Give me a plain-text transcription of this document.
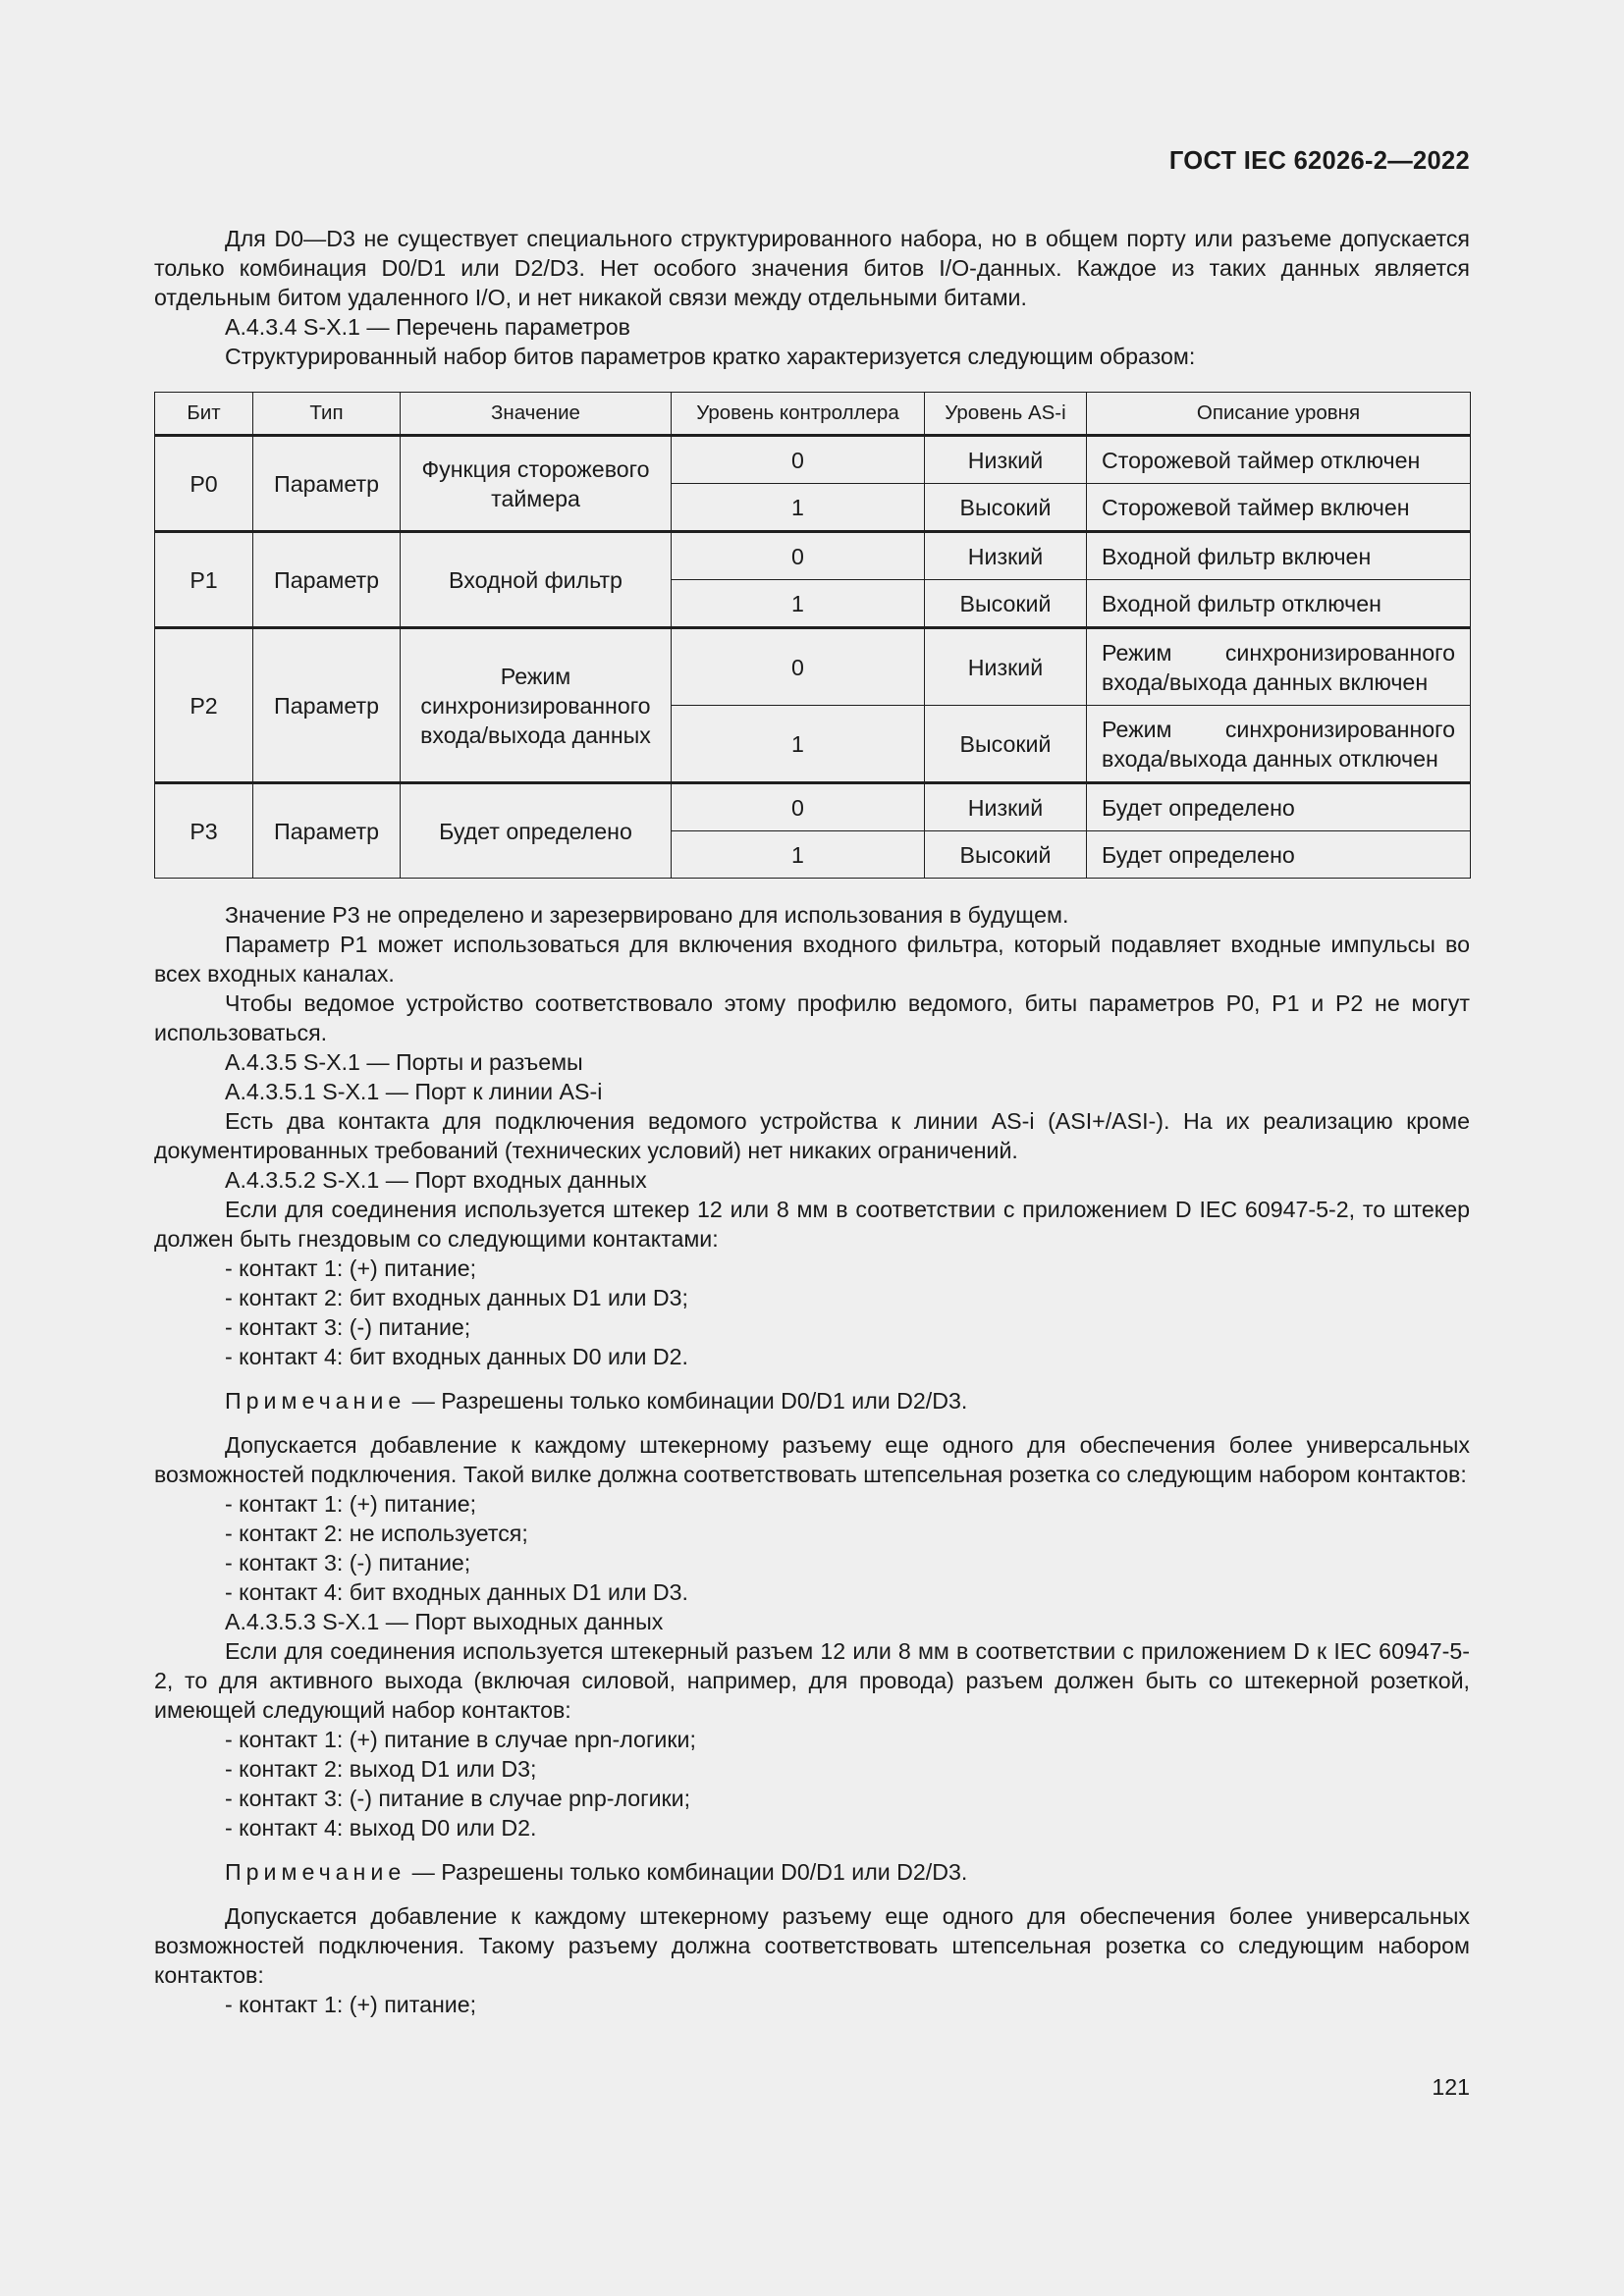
ГОСТ IEC 62026-2—2022

Для D0—D3 не существует специального структурированного набора, но в общем порту или разъеме допускается только комбинация D0/D1 или D2/D3. Нет особого значения битов I/O-данных. Каждое из таких данных является отдельным битом удаленного I/O, и нет никакой связи между отдельными битами.

А.4.3.4 S-X.1 — Перечень параметров

Структурированный набор битов параметров кратко характеризуется следующим образом:

Бит	Тип	Значение	Уровень контроллера	Уровень AS-i	Описание уровня
P0	Параметр	Функция сторожевого таймера	0	Низкий	Сторожевой таймер отключен
			1	Высокий	Сторожевой таймер включен
P1	Параметр	Входной фильтр	0	Низкий	Входной фильтр включен
			1	Высокий	Входной фильтр отключен
P2	Параметр	Режим синхронизированного входа/выхода данных	0	Низкий	Режим синхронизированного входа/выхода данных включен
			1	Высокий	Режим синхронизированного входа/выхода данных отключен
P3	Параметр	Будет определено	0	Низкий	Будет определено
			1	Высокий	Будет определено

Значение Р3 не определено и зарезервировано для использования в будущем.

Параметр Р1 может использоваться для включения входного фильтра, который подавляет входные импульсы во всех входных каналах.

Чтобы ведомое устройство соответствовало этому профилю ведомого, биты параметров Р0, Р1 и Р2 не могут использоваться.

А.4.3.5 S-X.1 — Порты и разъемы

А.4.3.5.1 S-X.1 — Порт к линии AS-i

Есть два контакта для подключения ведомого устройства к линии AS-i (ASI+/ASI-). На их реализацию кроме документированных требований (технических условий) нет никаких ограничений.

А.4.3.5.2 S-X.1 — Порт входных данных

Если для соединения используется штекер 12 или 8 мм в соответствии с приложением D IEC 60947-5-2, то штекер должен быть гнездовым со следующими контактами:

- контакт 1: (+) питание;

- контакт 2: бит входных данных D1 или D3;

- контакт 3: (-) питание;

- контакт 4: бит входных данных D0 или D2.

Примечание — Разрешены только комбинации D0/D1 или D2/D3.

Допускается добавление к каждому штекерному разъему еще одного для обеспечения более универсальных возможностей подключения. Такой вилке должна соответствовать штепсельная розетка со следующим набором контактов:

- контакт 1: (+) питание;

- контакт 2: не используется;

- контакт 3: (-) питание;

- контакт 4: бит входных данных D1 или D3.

А.4.3.5.3 S-X.1 — Порт выходных данных

Если для соединения используется штекерный разъем 12 или 8 мм в соответствии с приложением D к IEC 60947-5-2, то для активного выхода (включая силовой, например, для провода) разъем должен быть со штекерной розеткой, имеющей следующий набор контактов:

- контакт 1: (+) питание в случае npn-логики;

- контакт 2: выход D1 или D3;

- контакт 3: (-) питание в случае pnp-логики;

- контакт 4: выход D0 или D2.

Примечание — Разрешены только комбинации D0/D1 или D2/D3.

Допускается добавление к каждому штекерному разъему еще одного для обеспечения более универсальных возможностей подключения. Такому разъему должна соответствовать штепсельная розетка со следующим набором контактов:

- контакт 1: (+) питание;

121
